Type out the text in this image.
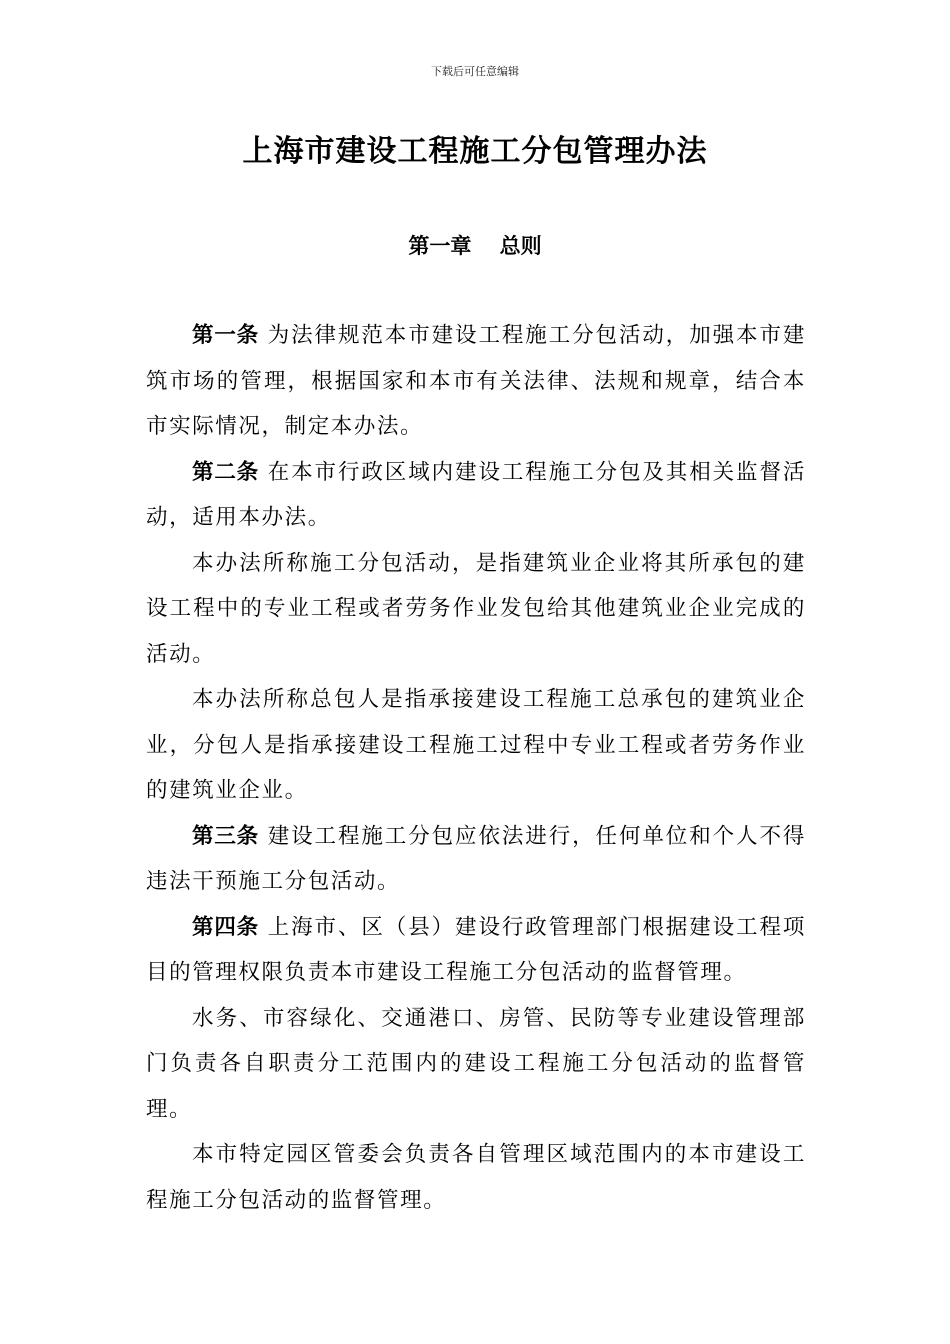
下载后可任意编辑
上海市建设工程施工分包管理办法
第一章　 总则

第一条 为法律规范本市建设工程施工分包活动，加强本市建筑市场的管理，根据国家和本市有关法律、法规和规章，结合本市实际情况，制定本办法。

第二条 在本市行政区域内建设工程施工分包及其相关监督活动，适用本办法。

本办法所称施工分包活动，是指建筑业企业将其所承包的建设工程中的专业工程或者劳务作业发包给其他建筑业企业完成的活动。

本办法所称总包人是指承接建设工程施工总承包的建筑业企业，分包人是指承接建设工程施工过程中专业工程或者劳务作业的建筑业企业。

第三条 建设工程施工分包应依法进行，任何单位和个人不得违法干预施工分包活动。

第四条 上海市、区（县）建设行政管理部门根据建设工程项目的管理权限负责本市建设工程施工分包活动的监督管理。

水务、市容绿化、交通港口、房管、民防等专业建设管理部门负责各自职责分工范围内的建设工程施工分包活动的监督管理。

本市特定园区管委会负责各自管理区域范围内的本市建设工程施工分包活动的监督管理。
